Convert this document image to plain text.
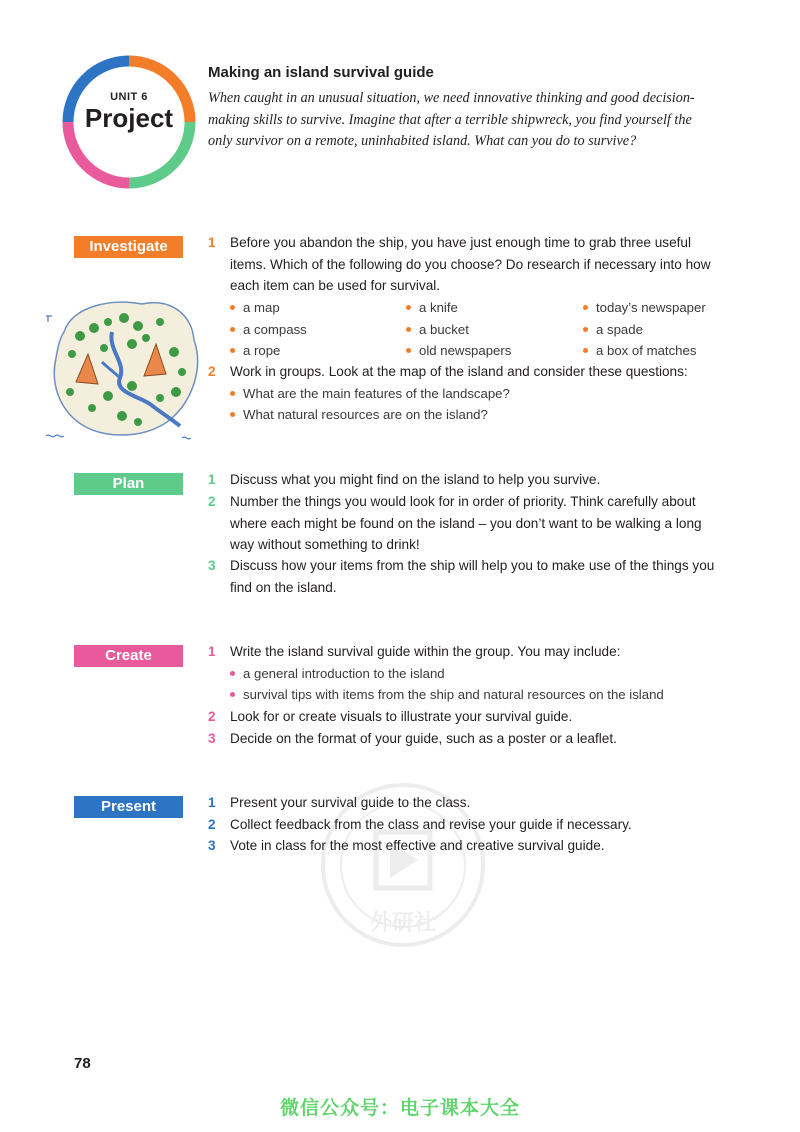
UNIT 6
Project
Making an island survival guide
When caught in an unusual situation, we need innovative thinking and good decision-making skills to survive. Imagine that after a terrible shipwreck, you find yourself the only survivor on a remote, uninhabited island. What can you do to survive?
Investigate	1	Before you abandon the ship, you have just enough time to grab three useful items. Which of the following do you choose? Do research if necessary into how each item can be used for survival.
a map	a knife	today’s newspaper
a compass	a bucket	a spade
a rope	old newspapers	a box of matches
2	Work in groups. Look at the map of the island and consider these questions:
What are the main features of the landscape?
What natural resources are on the island?
Plan	1	Discuss what you might find on the island to help you survive.
2	Number the things you would look for in order of priority. Think carefully about where each might be found on the island – you don’t want to be walking a long way without something to drink!
3	Discuss how your items from the ship will help you to make use of the things you find on the island.
Create	1	Write the island survival guide within the group. You may include:
a general introduction to the island
survival tips with items from the ship and natural resources on the island
2	Look for or create visuals to illustrate your survival guide.
3	Decide on the format of your guide, such as a poster or a leaflet.
Present	1	Present your survival guide to the class.
2	Collect feedback from the class and revise your guide if necessary.
3	Vote in class for the most effective and creative survival guide.
外研社
78
微信公众号：电子课本大全
